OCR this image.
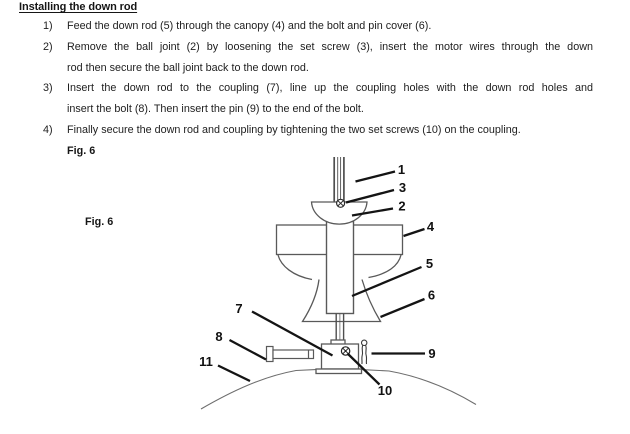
Installing the down rod
1)	Feed the down rod (5) through the canopy (4) and the bolt and pin cover (6).
2)	Remove the ball joint (2) by loosening the set screw (3), insert the motor wires through the down
rod then secure the ball joint back to the down rod.
3)	Insert the down rod to the coupling (7), line up the coupling holes with the down rod holes and
insert the bolt (8). Then insert the pin (9) to the end of the bolt.
4)	Finally secure the down rod and coupling by tightening the two set screws (10) on the coupling.
Fig. 6
Fig. 6
1
3
2
4
5
6
7
8
11
9
10
